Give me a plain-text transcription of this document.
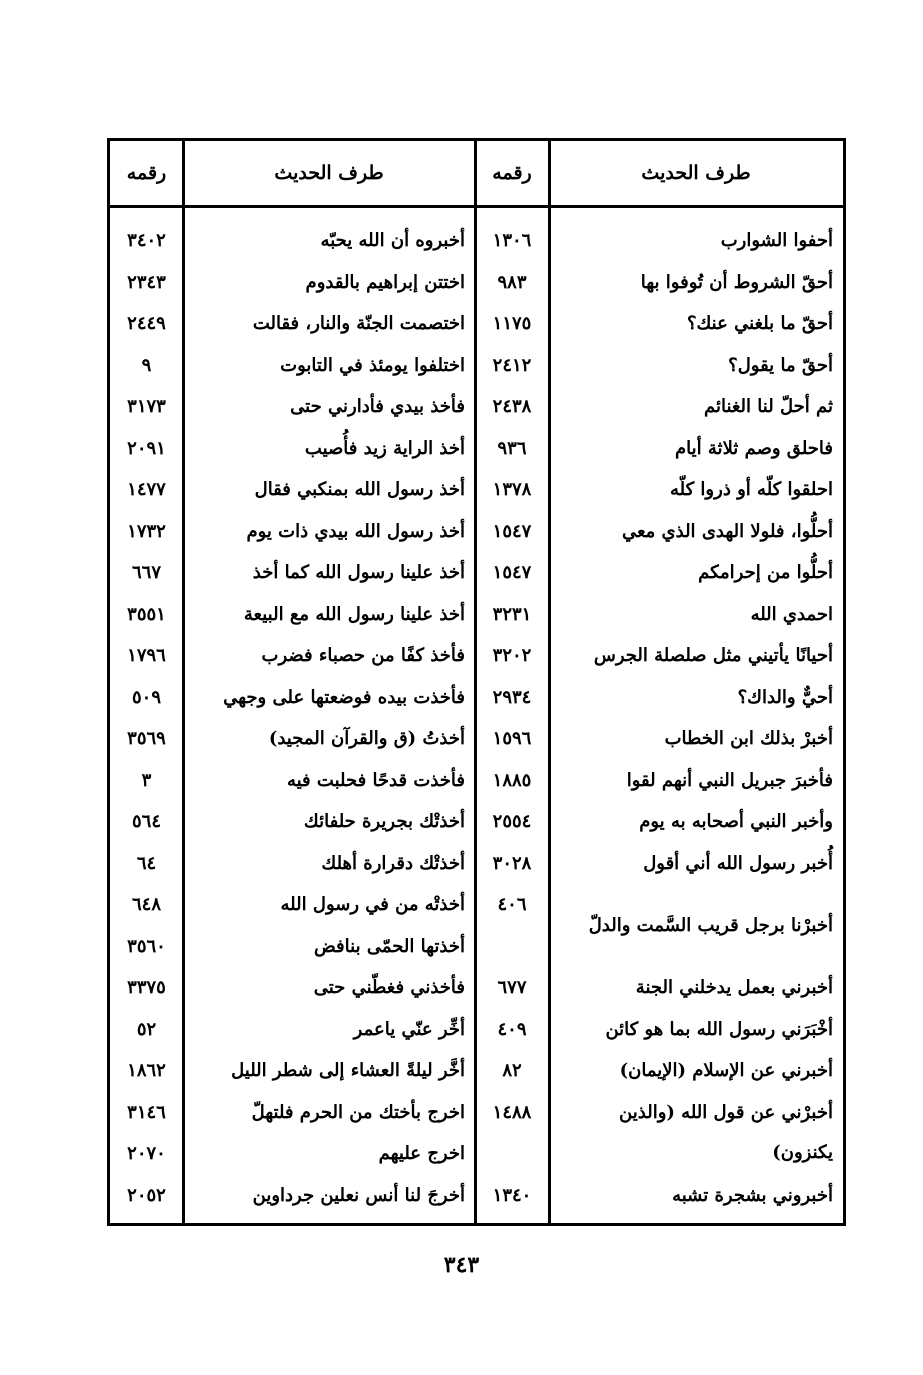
طرف الحديث	رقمه	طرف الحديث	رقمه
أحفوا الشوارب	١٣٠٦	أخبروه أن الله يحبّه	٣٤٠٢
أحقّ الشروط أن تُوفوا بها	٩٨٣	اختتن إبراهيم بالقدوم	٢٣٤٣
أحقّ ما بلغني عنك؟	١١٧٥	اختصمت الجنّة والنار، فقالت	٢٤٤٩
أحقّ ما يقول؟	٢٤١٢	اختلفوا يومئذ في التابوت	٩
ثم أحلّ لنا الغنائم	٢٤٣٨	فأخذ بيدي فأدارني حتى	٣١٧٣
فاحلق وصم ثلاثة أيام	٩٣٦	أخذ الراية زيد فأُصيب	٢٠٩١
احلقوا كلّه أو ذروا كلّه	١٣٧٨	أخذ رسول الله بمنكبي فقال	١٤٧٧
أحلُّوا، فلولا الهدى الذي معي	١٥٤٧	أخذ رسول الله بيدي ذات يوم	١٧٣٢
أحلُّوا من إحرامكم	١٥٤٧	أخذ علينا رسول الله كما أخذ	٦٦٧
احمدي الله	٣٢٣١	أخذ علينا رسول الله مع البيعة	٣٥٥١
أحيانًا يأتيني مثل صلصلة الجرس	٣٢٠٢	فأخذ كفًا من حصباء فضرب	١٧٩٦
أحيٌّ والداك؟	٢٩٣٤	فأخذت بيده فوضعتها على وجهي	٥٠٩
أخبرْ بذلك ابن الخطاب	١٥٩٦	أخذتُ (ق والقرآن المجيد)	٣٥٦٩
فأخبرَ جبريل النبي أنهم لقوا	١٨٨٥	فأخذت قدحًا فحلبت فيه	٣
وأخبر النبي أصحابه به يوم	٢٥٥٤	أخذتْك بجريرة حلفائك	٥٦٤
أُخبر رسول الله أني أقول	٣٠٢٨	أخذتْك دقرارة أهلك	٦٤
أخبرْنا برجل قريب السَّمت والدلّ	٤٠٦	أخذتْه من في رسول الله	٦٤٨
		أخذتها الحمّى بنافض	٣٥٦٠
أخبرني بعمل يدخلني الجنة	٦٧٧	فأخذني فغطّني حتى	٣٣٧٥
أخْبَرَني رسول الله بما هو كائن	٤٠٩	أخِّر عنّي ياعمر	٥٢
أخبرني عن الإسلام (الإيمان)	٨٢	أخَّر ليلةً العشاء إلى شطر الليل	١٨٦٢
أخبرْني عن قول الله (والذين يكنزون)	١٤٨٨	اخرج بأختك من الحرم فلتهلّ	٣١٤٦
		اخرج عليهم	٢٠٧٠
أخبروني بشجرة تشبه	١٣٤٠	أخرجَ لنا أنس نعلين جرداوين	٢٠٥٢
٣٤٣
